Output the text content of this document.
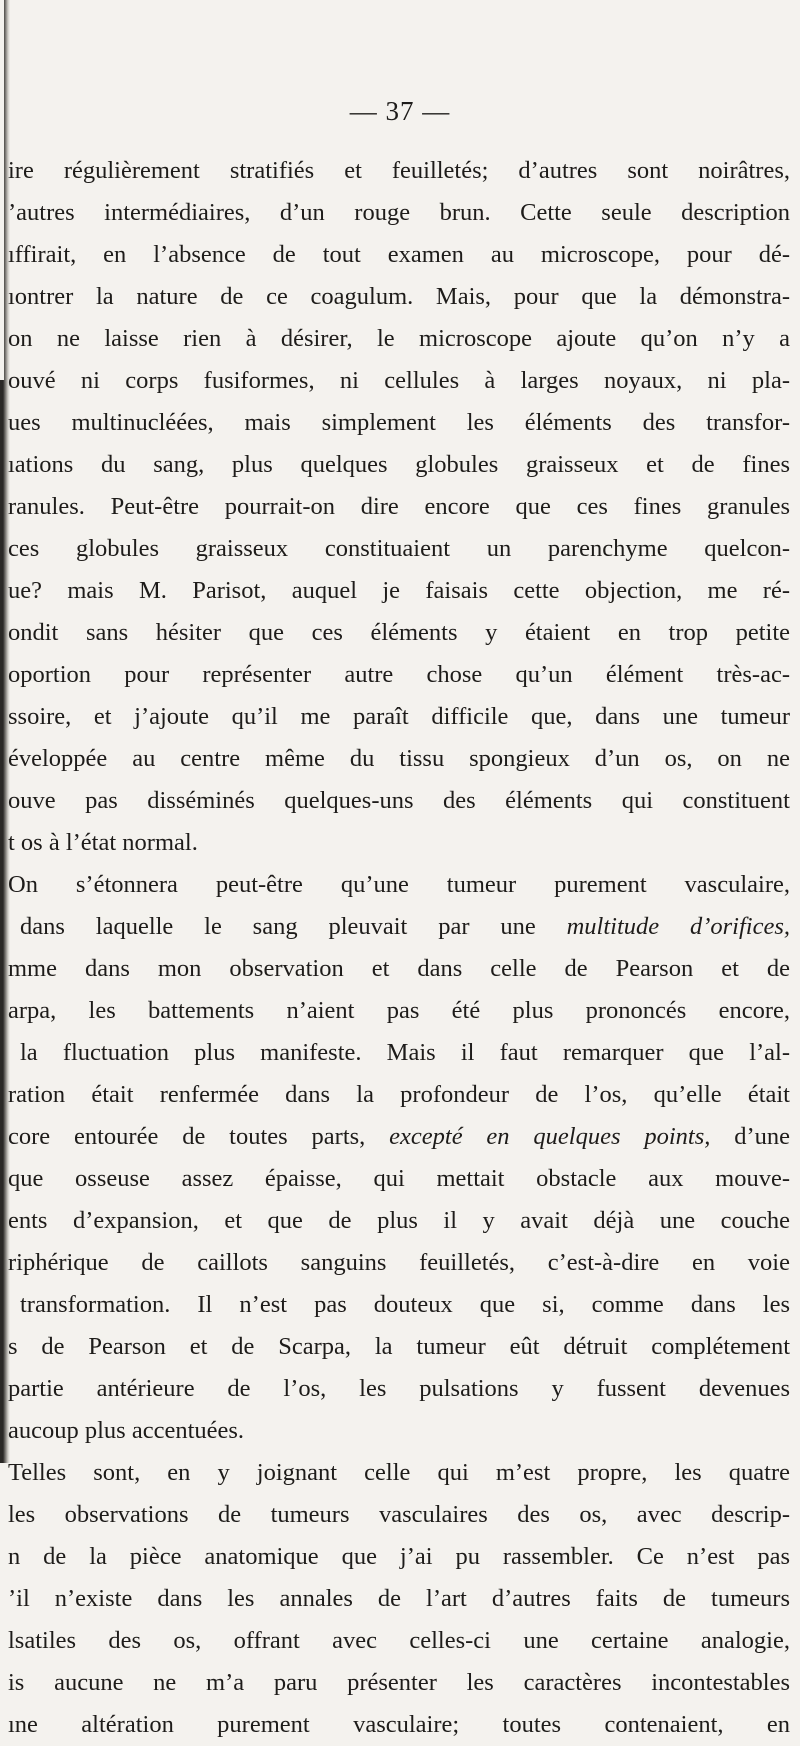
— 37 —
ire régulièrement stratifiés et feuilletés; d’autres sont noirâtres,
’autres intermédiaires, d’un rouge brun. Cette seule description
ıffirait, en l’absence de tout examen au microscope, pour dé-
ıontrer la nature de ce coagulum. Mais, pour que la démonstra-
on ne laisse rien à désirer, le microscope ajoute qu’on n’y a
ouvé ni corps fusiformes, ni cellules à larges noyaux, ni pla-
ues multinucléées, mais simplement les éléments des transfor-
ıations du sang, plus quelques globules graisseux et de fines
ranules. Peut-être pourrait-on dire encore que ces fines granules
ces globules graisseux constituaient un parenchyme quelcon-
ue? mais M. Parisot, auquel je faisais cette objection, me ré-
ondit sans hésiter que ces éléments y étaient en trop petite
oportion pour représenter autre chose qu’un élément très-ac-
ssoire, et j’ajoute qu’il me paraît difficile que, dans une tumeur
éveloppée au centre même du tissu spongieux d’un os, on ne
ouve pas disséminés quelques-uns des éléments qui constituent
t os à l’état normal.
On s’étonnera peut-être qu’une tumeur purement vasculaire,
dans laquelle le sang pleuvait par une multitude d’orifices,
mme dans mon observation et dans celle de Pearson et de
arpa, les battements n’aient pas été plus prononcés encore,
la fluctuation plus manifeste. Mais il faut remarquer que l’al-
ration était renfermée dans la profondeur de l’os, qu’elle était
core entourée de toutes parts, excepté en quelques points, d’une
que osseuse assez épaisse, qui mettait obstacle aux mouve-
ents d’expansion, et que de plus il y avait déjà une couche
riphérique de caillots sanguins feuilletés, c’est-à-dire en voie
transformation. Il n’est pas douteux que si, comme dans les
s de Pearson et de Scarpa, la tumeur eût détruit complétement
partie antérieure de l’os, les pulsations y fussent devenues
aucoup plus accentuées.
Telles sont, en y joignant celle qui m’est propre, les quatre
les observations de tumeurs vasculaires des os, avec descrip-
n de la pièce anatomique que j’ai pu rassembler. Ce n’est pas
’il n’existe dans les annales de l’art d’autres faits de tumeurs
lsatiles des os, offrant avec celles-ci une certaine analogie,
is aucune ne m’a paru présenter les caractères incontestables
ıne altération purement vasculaire; toutes contenaient, en
